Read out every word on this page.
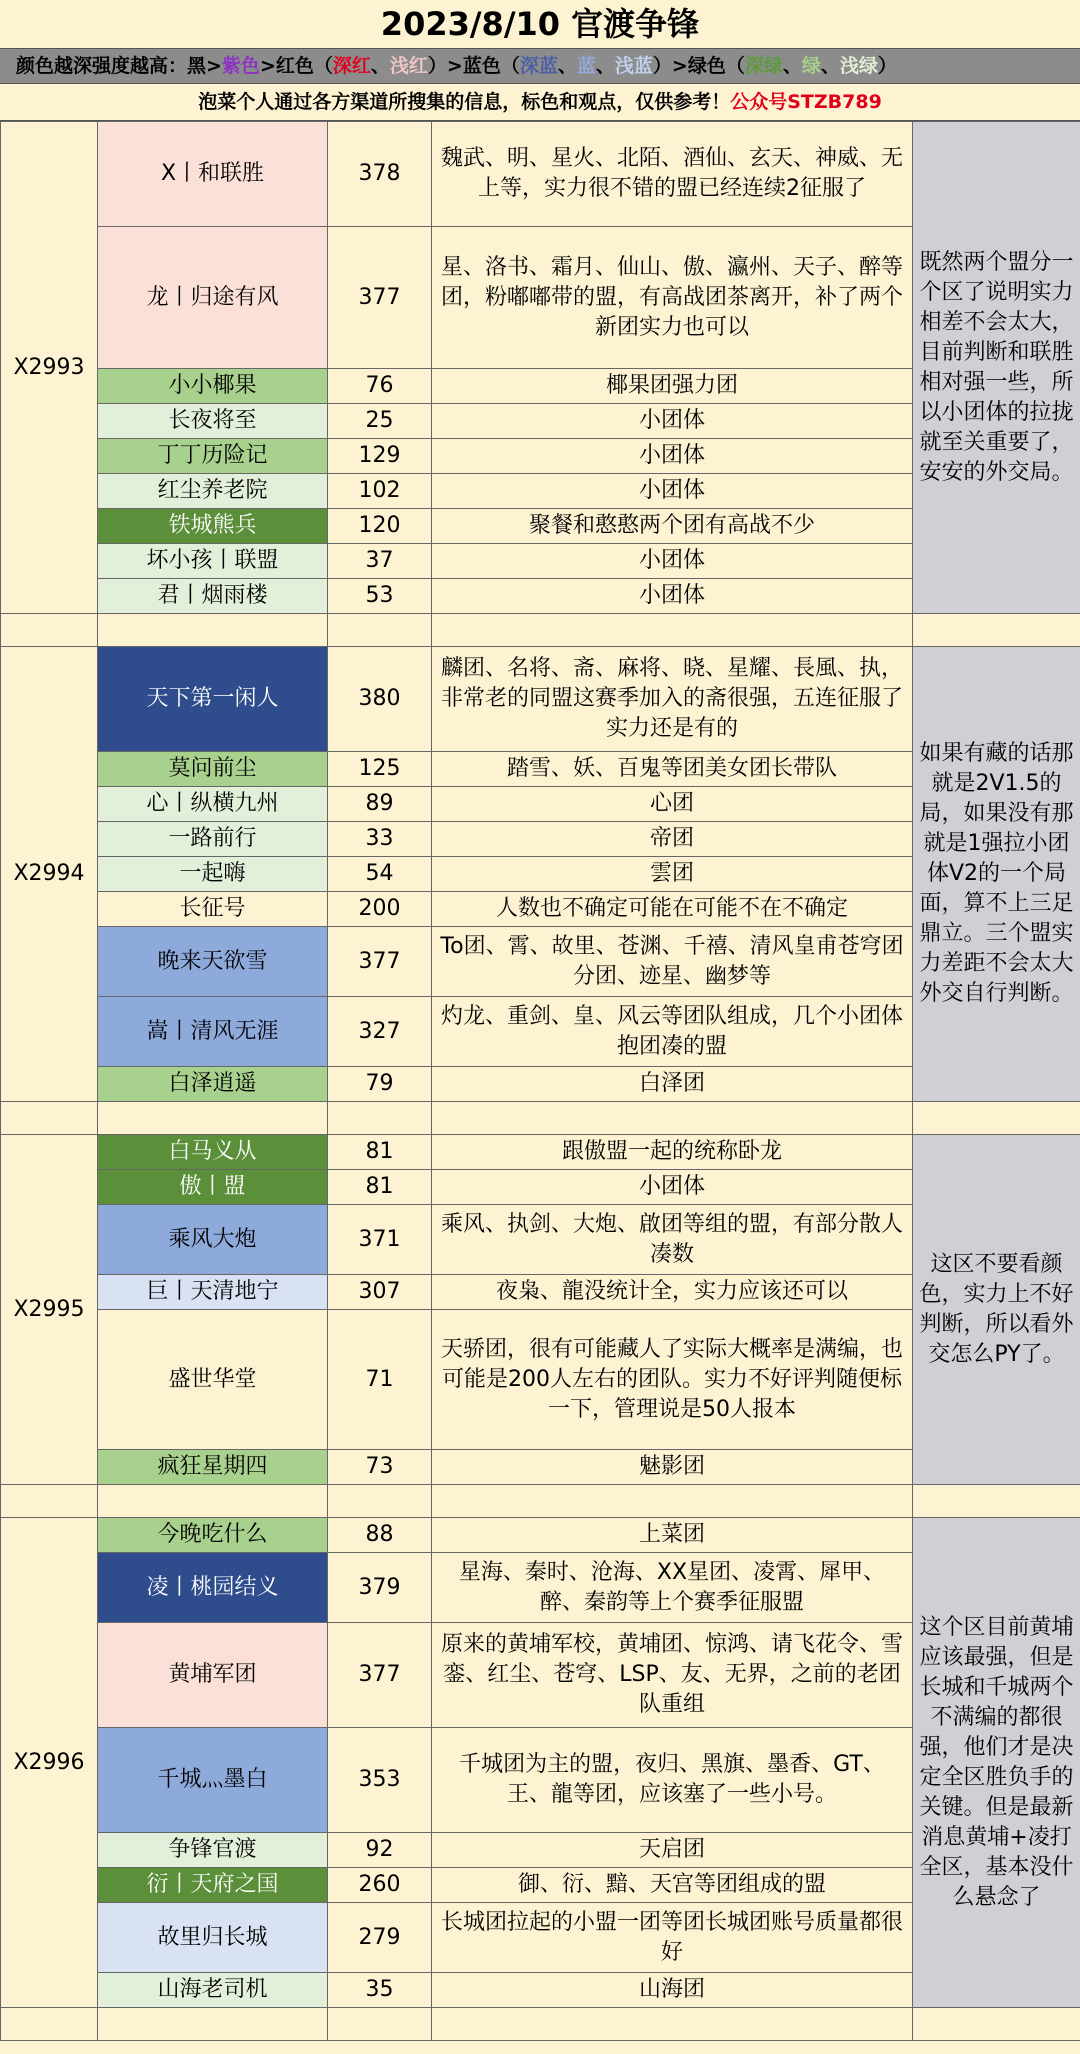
2023/8/10 官渡争锋
颜色越深强度越高：黑>紫色>红色（深红、浅红）>蓝色（深蓝、蓝、浅蓝）>绿色（深绿、绿、浅绿）
泡菜个人通过各方渠道所搜集的信息，标色和观点，仅供参考！公众号STZB789
X2993	X丨和联胜	378	魏武、明、星火、北陌、酒仙、玄天、神威、无上等，实力很不错的盟已经连续2征服了	既然两个盟分一个区了说明实力相差不会太大，目前判断和联胜相对强一些，所以小团体的拉拢就至关重要了，安安的外交局。
	龙丨归途有风	377	星、洛书、霜月、仙山、傲、瀛州、天子、醉等团，粉嘟嘟带的盟，有高战团茶离开，补了两个新团实力也可以	
	小小椰果	76	椰果团强力团	
	长夜将至	25	小团体	
	丁丁历险记	129	小团体	
	红尘养老院	102	小团体	
	铁城熊兵	120	聚餐和憨憨两个团有高战不少	
	坏小孩丨联盟	37	小团体	
	君丨烟雨楼	53	小团体	

X2994	天下第一闲人	380	麟团、名将、斋、麻将、晓、星耀、長風、执，非常老的同盟这赛季加入的斋很强，五连征服了实力还是有的	如果有藏的话那就是2V1.5的局，如果没有那就是1强拉小团体V2的一个局面，算不上三足鼎立。三个盟实力差距不会太大外交自行判断。
	莫问前尘	125	踏雪、妖、百鬼等团美女团长带队	
	心丨纵横九州	89	心团	
	一路前行	33	帝团	
	一起嗨	54	雲团	
	长征号	200	人数也不确定可能在可能不在不确定	
	晚来天欲雪	377	To团、霄、故里、苍渊、千禧、清风皇甫苍穹团分团、迹星、幽梦等	
	嵩丨清风无涯	327	灼龙、重剑、皇、风云等团队组成，几个小团体抱团凑的盟	
	白泽逍遥	79	白泽团	

X2995	白马义从	81	跟傲盟一起的统称卧龙	这区不要看颜色，实力上不好判断，所以看外交怎么PY了。
	傲丨盟	81	小团体	
	乘风大炮	371	乘风、执剑、大炮、啟团等组的盟，有部分散人凑数	
	巨丨天清地宁	307	夜枭、龍没统计全，实力应该还可以	
	盛世华堂	71	天骄团，很有可能藏人了实际大概率是满编，也可能是200人左右的团队。实力不好评判随便标一下，管理说是50人报本	
	疯狂星期四	73	魅影团	

X2996	今晚吃什么	88	上菜团	这个区目前黄埔应该最强，但是长城和千城两个不满编的都很强，他们才是决定全区胜负手的关键。但是最新消息黄埔+凌打全区，基本没什么悬念了
	凌丨桃园结义	379	星海、秦时、沧海、XX星团、凌霄、犀甲、醉、秦韵等上个赛季征服盟	
	黄埔军团	377	原来的黄埔军校，黄埔团、惊鸿、请飞花令、雪銮、红尘、苍穹、LSP、友、无界，之前的老团队重组	
	千城灬墨白	353	千城团为主的盟，夜归、黑旗、墨香、GT、王、龍等团，应该塞了一些小号。	
	争锋官渡	92	天启团	
	衍丨天府之国	260	御、衍、黯、天宫等团组成的盟	
	故里归长城	279	长城团拉起的小盟一团等团长城团账号质量都很好	
	山海老司机	35	山海团	
